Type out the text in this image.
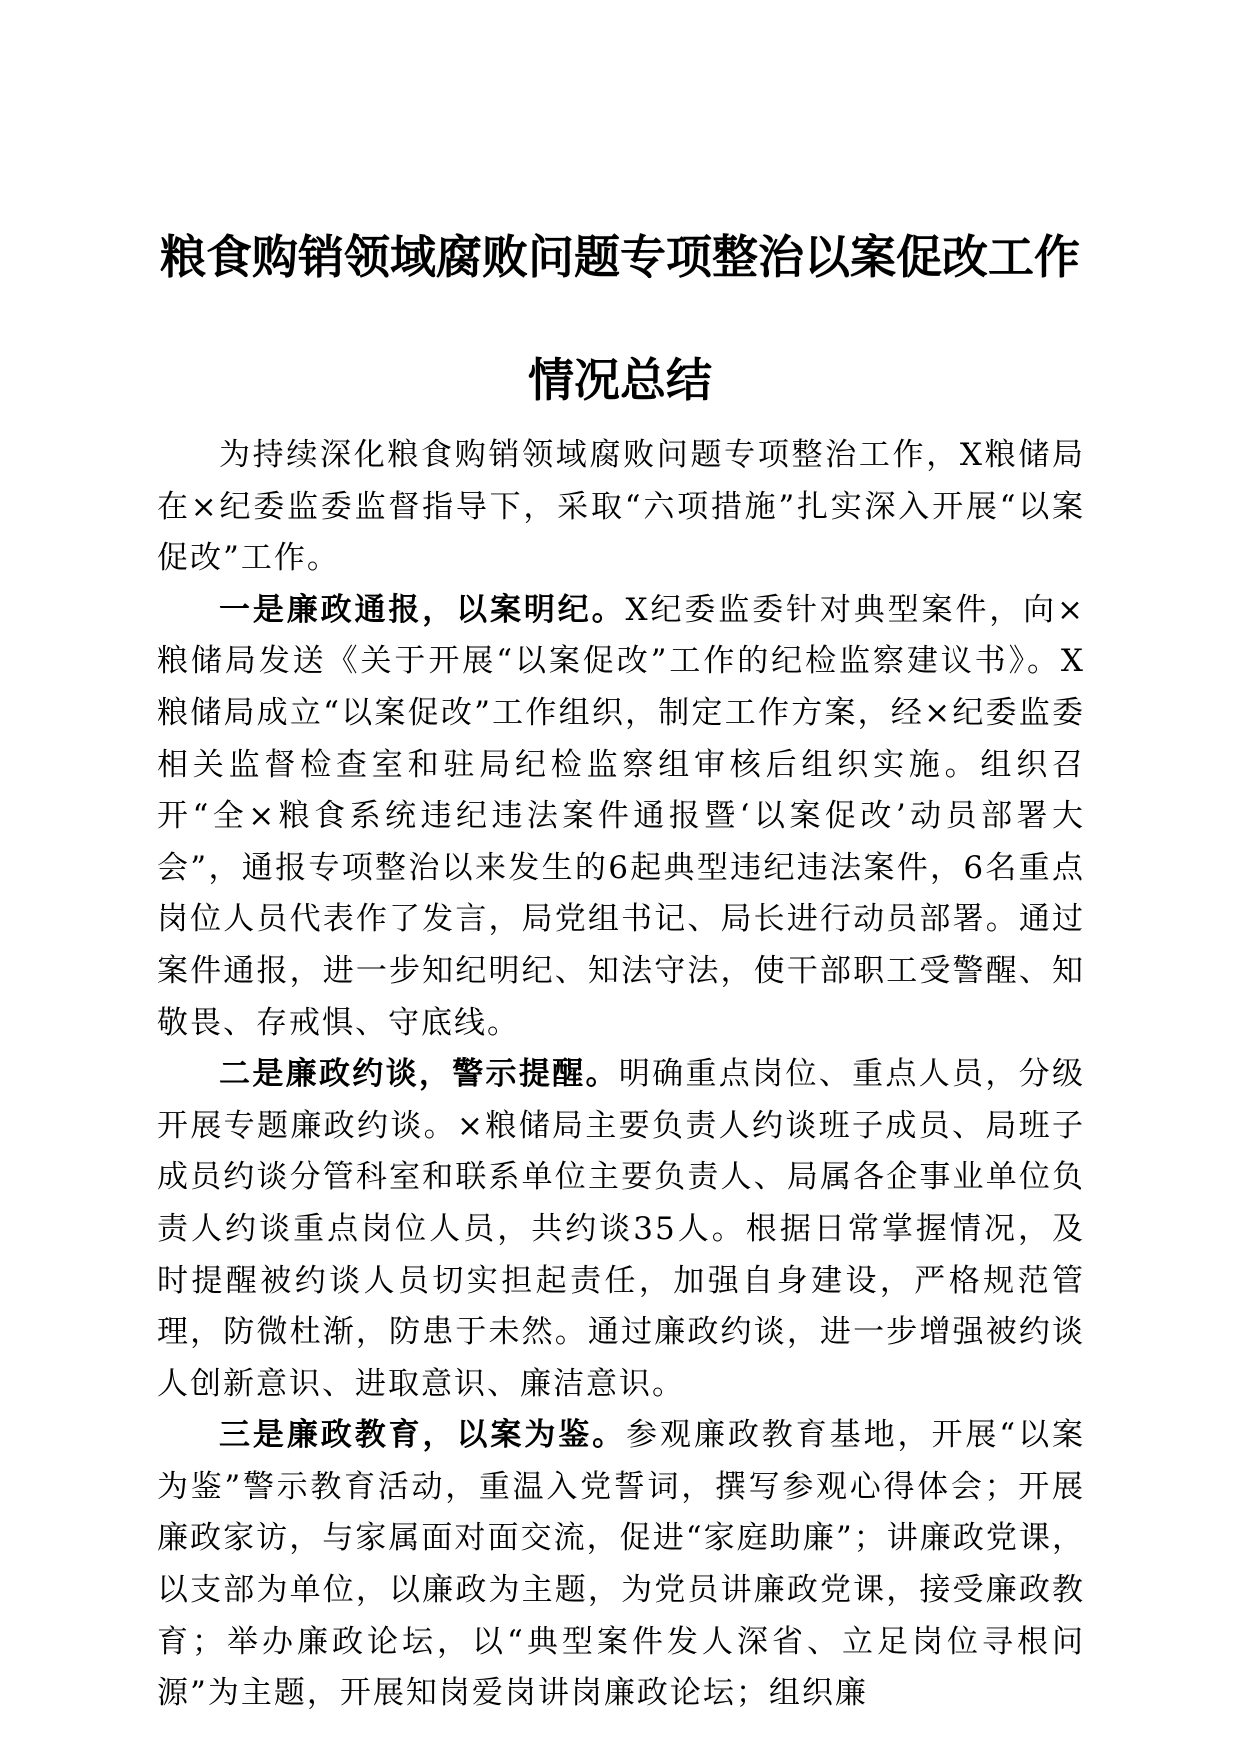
粮食购销领域腐败问题专项整治以案促改工作
情况总结

为持续深化粮食购销领域腐败问题专项整治工作，X粮储局在×纪委监委监督指导下，采取“六项措施”扎实深入开展“以案促改”工作。

一是廉政通报，以案明纪。X纪委监委针对典型案件，向×粮储局发送《关于开展“以案促改”工作的纪检监察建议书》。X粮储局成立“以案促改”工作组织，制定工作方案，经×纪委监委相关监督检查室和驻局纪检监察组审核后组织实施。组织召开“全×粮食系统违纪违法案件通报暨‘以案促改’动员部署大会”，通报专项整治以来发生的6起典型违纪违法案件，6名重点岗位人员代表作了发言，局党组书记、局长进行动员部署。通过案件通报，进一步知纪明纪、知法守法，使干部职工受警醒、知敬畏、存戒惧、守底线。

二是廉政约谈，警示提醒。明确重点岗位、重点人员，分级开展专题廉政约谈。×粮储局主要负责人约谈班子成员、局班子成员约谈分管科室和联系单位主要负责人、局属各企事业单位负责人约谈重点岗位人员，共约谈35人。根据日常掌握情况，及时提醒被约谈人员切实担起责任，加强自身建设，严格规范管理，防微杜渐，防患于未然。通过廉政约谈，进一步增强被约谈人创新意识、进取意识、廉洁意识。

三是廉政教育，以案为鉴。参观廉政教育基地，开展“以案为鉴”警示教育活动，重温入党誓词，撰写参观心得体会；开展廉政家访，与家属面对面交流，促进“家庭助廉”；讲廉政党课，以支部为单位，以廉政为主题，为党员讲廉政党课，接受廉政教育；举办廉政论坛，以“典型案件发人深省、立足岗位寻根问源”为主题，开展知岗爱岗讲岗廉政论坛；组织廉
